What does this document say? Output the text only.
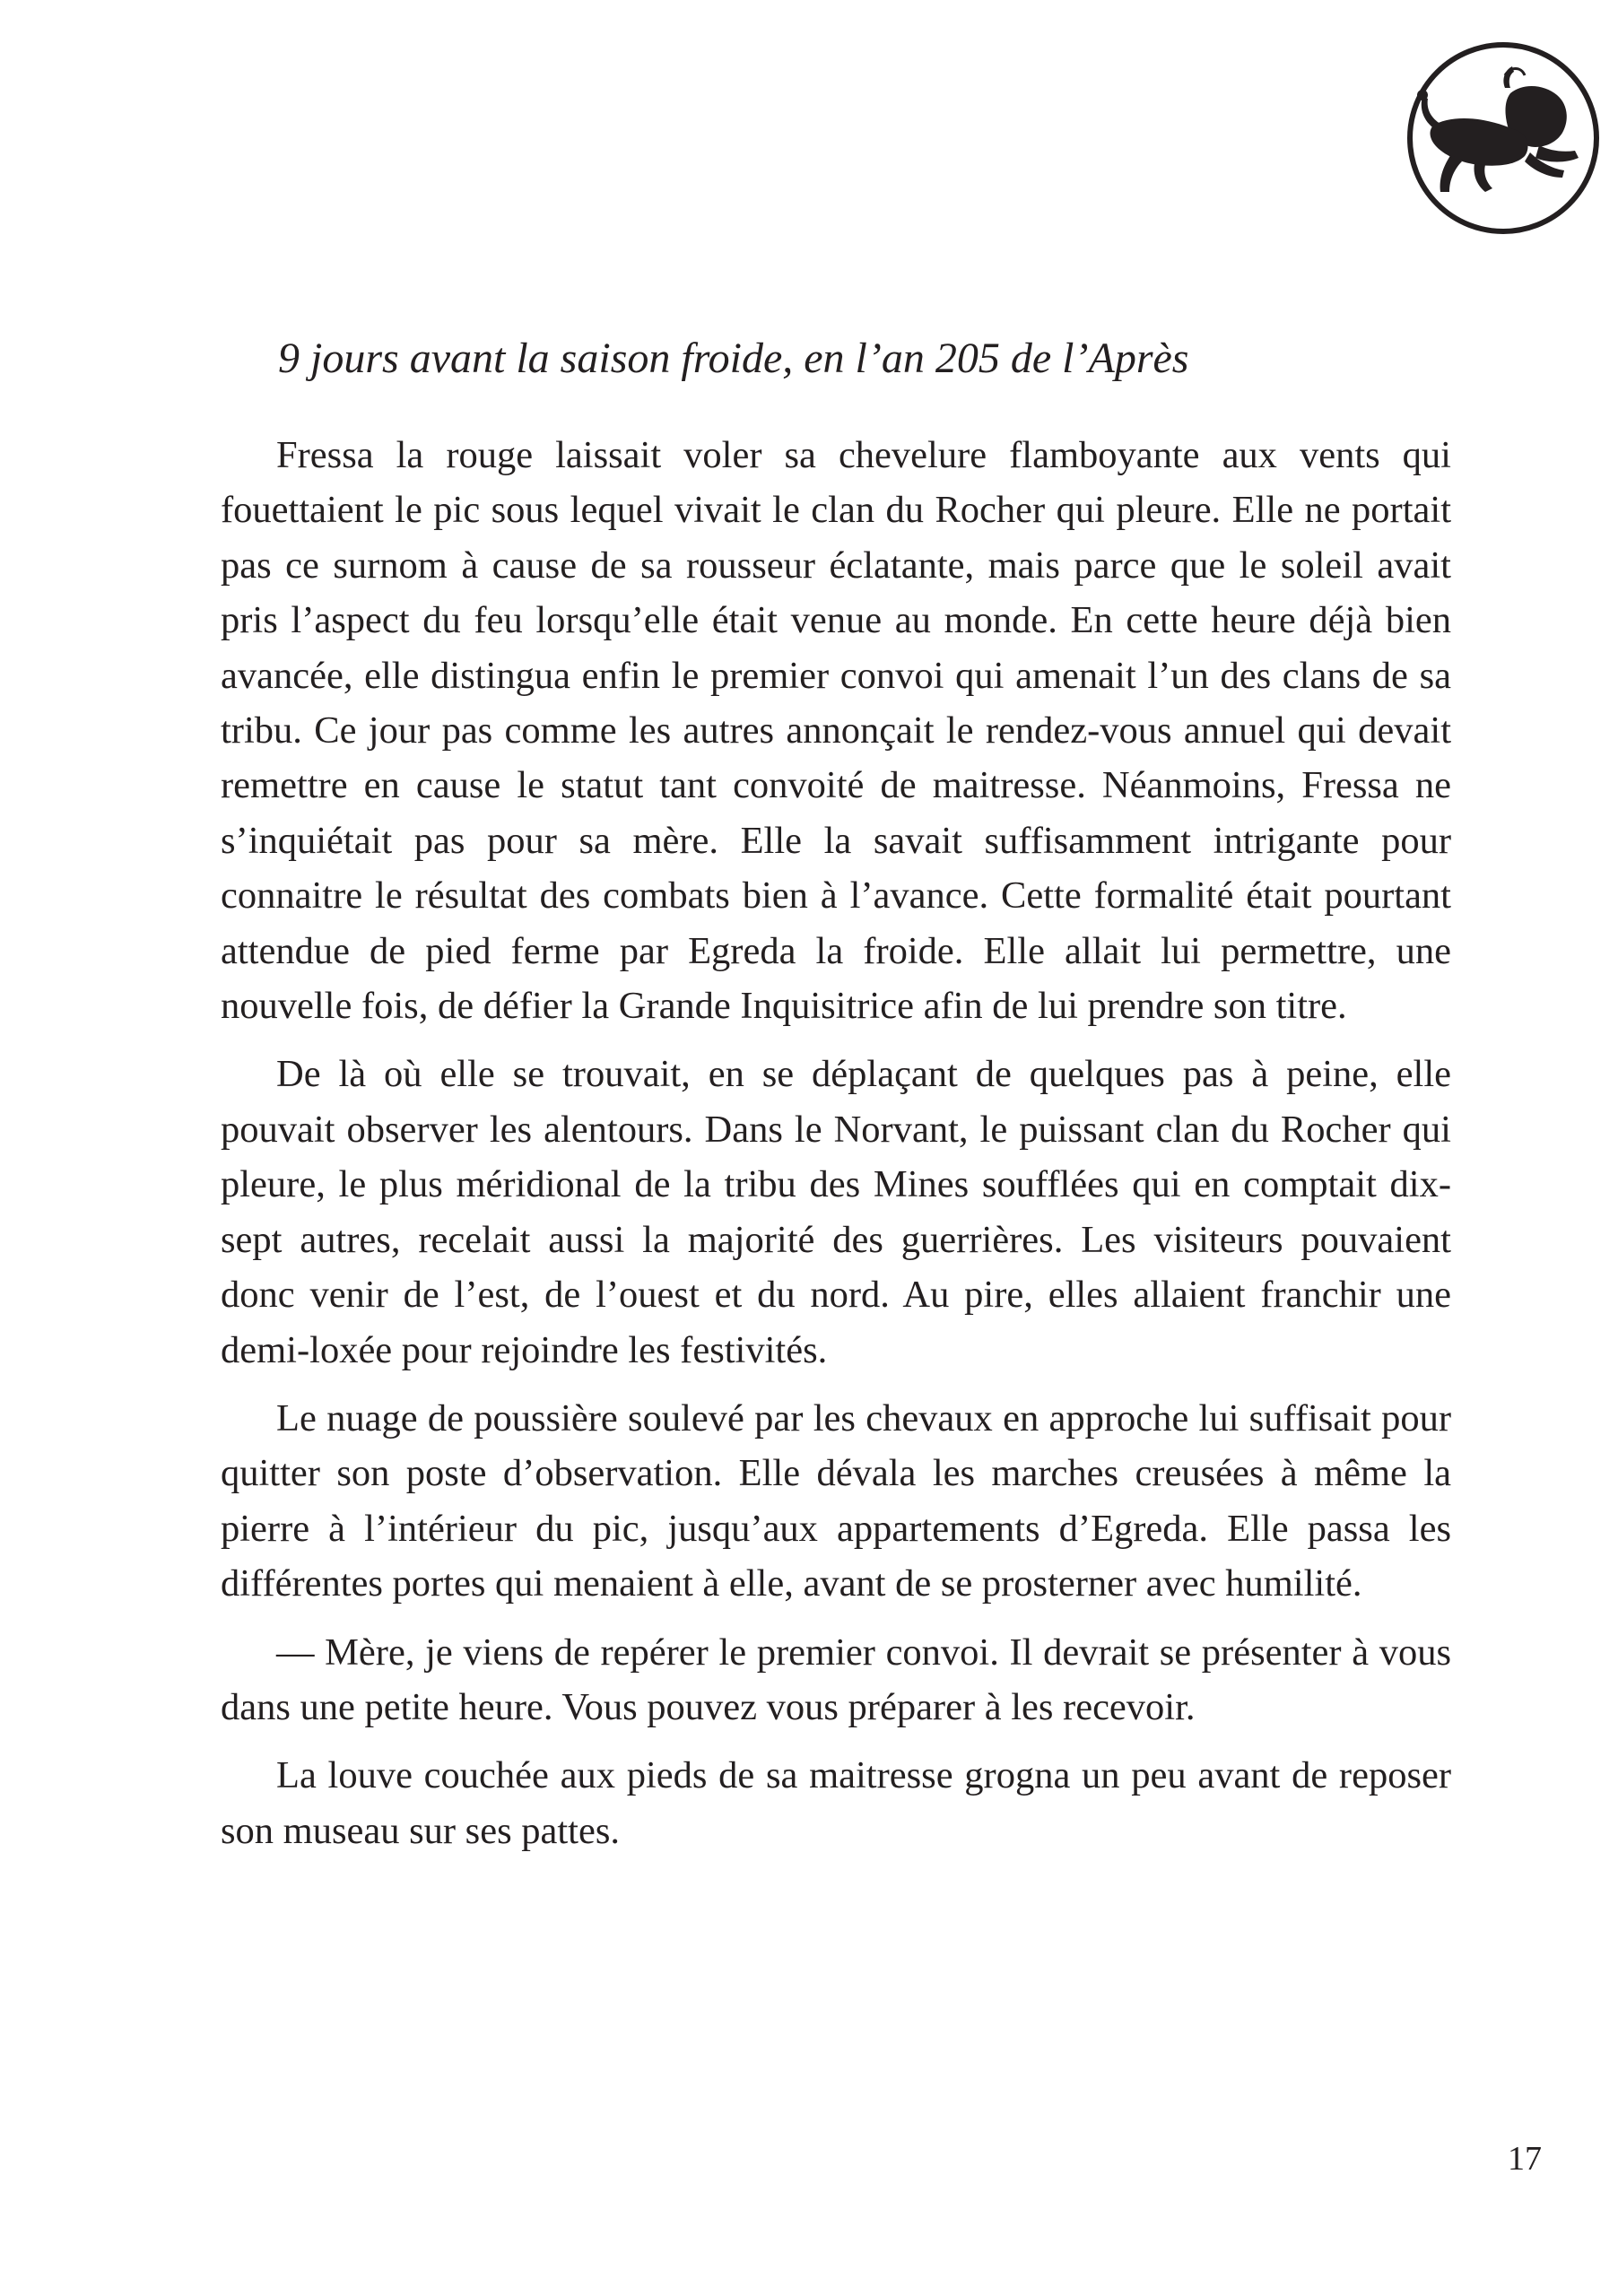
9 jours avant la saison froide, en l’an 205 de l’Après

Fressa la rouge laissait voler sa chevelure flamboyante aux vents qui fouettaient le pic sous lequel vivait le clan du Rocher qui pleure. Elle ne portait pas ce surnom à cause de sa rousseur éclatante, mais parce que le soleil avait pris l’aspect du feu lorsqu’elle était venue au monde. En cette heure déjà bien avancée, elle distingua enfin le premier convoi qui amenait l’un des clans de sa tribu. Ce jour pas comme les autres annonçait le rendez-vous annuel qui devait remettre en cause le statut tant convoité de maitresse. Néanmoins, Fressa ne s’inquiétait pas pour sa mère. Elle la savait suffisamment intrigante pour connaitre le résultat des combats bien à l’avance. Cette formalité était pourtant attendue de pied ferme par Egreda la froide. Elle allait lui permettre, une nouvelle fois, de défier la Grande Inquisitrice afin de lui prendre son titre.

De là où elle se trouvait, en se déplaçant de quelques pas à peine, elle pouvait observer les alentours. Dans le Norvant, le puissant clan du Rocher qui pleure, le plus méridional de la tribu des Mines soufflées qui en comptait dix-sept autres, recelait aussi la majorité des guerrières. Les visiteurs pouvaient donc venir de l’est, de l’ouest et du nord. Au pire, elles allaient franchir une demi-loxée pour rejoindre les festivités.

Le nuage de poussière soulevé par les chevaux en approche lui suffisait pour quitter son poste d’observation. Elle dévala les marches creusées à même la pierre à l’intérieur du pic, jusqu’aux appartements d’Egreda. Elle passa les différentes portes qui menaient à elle, avant de se prosterner avec humilité.

— Mère, je viens de repérer le premier convoi. Il devrait se présenter à vous dans une petite heure. Vous pouvez vous préparer à les recevoir.

La louve couchée aux pieds de sa maitresse grogna un peu avant de reposer son museau sur ses pattes.

17
